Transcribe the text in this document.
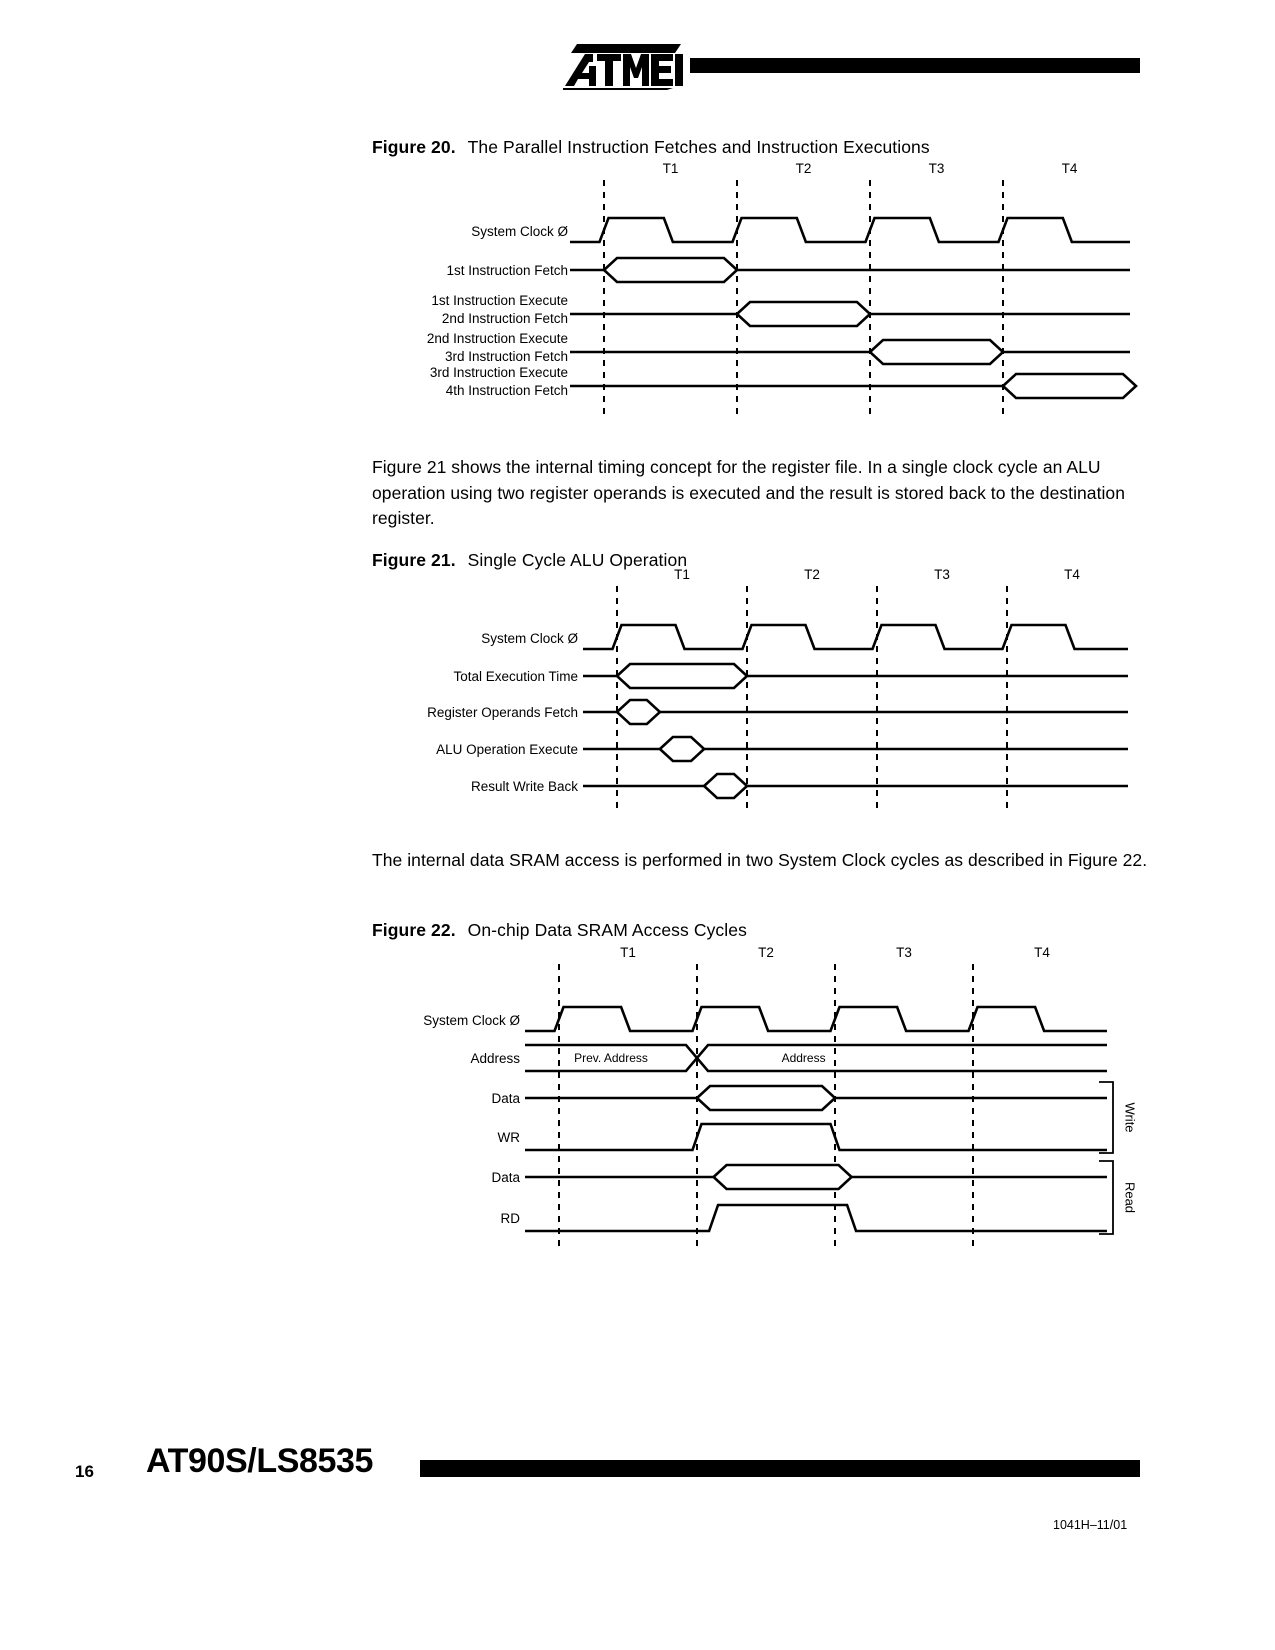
Figure 20. The Parallel Instruction Fetches and Instruction Executions
T1	T2	T3	T4
System Clock Ø
1st Instruction Fetch
1st Instruction Execute
2nd Instruction Fetch
2nd Instruction Execute
3rd Instruction Fetch
3rd Instruction Execute
4th Instruction Fetch
Figure 21 shows the internal timing concept for the register file. In a single clock cycle an ALU operation using two register operands is executed and the result is stored back to the destination register.
Figure 21. Single Cycle ALU Operation
T1	T2	T3	T4
System Clock Ø
Total Execution Time
Register Operands Fetch
ALU Operation Execute
Result Write Back
The internal data SRAM access is performed in two System Clock cycles as described in Figure 22.
Figure 22. On-chip Data SRAM Access Cycles
T1	T2	T3	T4
System Clock Ø
Address	Prev. Address	Address
Data
WR
Data
RD
Write
Read
16 AT90S/LS8535
1041H–11/01
